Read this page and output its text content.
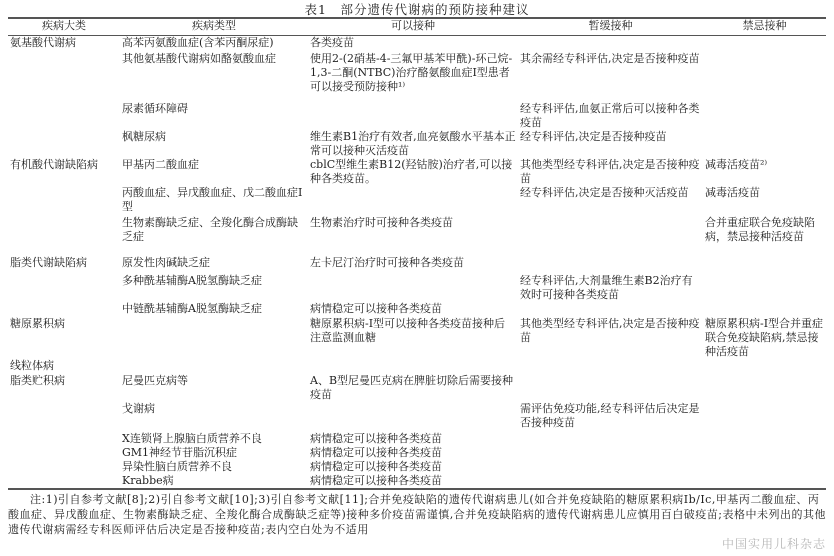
表1　部分遗传代谢病的预防接种建议
疾病大类	疾病类型	可以接种	暂缓接种	禁忌接种
氨基酸代谢病	高苯丙氨酸血症(含苯丙酮尿症)	各类疫苗		
	其他氨基酸代谢病如酪氨酸血症	使用2-(2硝基-4-三氟甲基苯甲酰)-环己烷-1,3-二酮(NTBC)治疗酪氨酸血症Ⅰ型患者可以接受预防接种¹⁾	其余需经专科评估,决定是否接种疫苗	
	尿素循环障碍		经专科评估,血氨正常后可以接种各类疫苗	
	枫糖尿病	维生素B1治疗有效者,血亮氨酸水平基本正常可以接种灭活疫苗	经专科评估,决定是否接种疫苗	
有机酸代谢缺陷病	甲基丙二酸血症	cblC型维生素B12(羟钴胺)治疗者,可以接种各类疫苗。	其他类型经专科评估,决定是否接种疫苗	减毒活疫苗²⁾
	丙酸血症、异戊酸血症、戊二酸血症Ⅰ型		经专科评估,决定是否接种灭活疫苗	减毒活疫苗
	生物素酶缺乏症、全羧化酶合成酶缺乏症	生物素治疗时可接种各类疫苗		合并重症联合免疫缺陷病，禁忌接种活疫苗
脂类代谢缺陷病	原发性肉碱缺乏症	左卡尼汀治疗时可接种各类疫苗		
	多种酰基辅酶A脱氢酶缺乏症		经专科评估,大剂量维生素B2治疗有效时可接种各类疫苗	
	中链酰基辅酶A脱氢酶缺乏症	病情稳定可以接种各类疫苗		
糖原累积病		糖原累积病-Ⅰ型可以接种各类疫苗接种后注意监测血糖	其他类型经专科评估,决定是否接种疫苗	糖原累积病-Ⅰ型合并重症联合免疫缺陷病,禁忌接种活疫苗
线粒体病				
脂类贮积病	尼曼匹克病等	A、B型尼曼匹克病在脾脏切除后需要接种疫苗		
	戈谢病		需评估免疫功能,经专科评估后决定是否接种疫苗	
	X连锁肾上腺脑白质营养不良	病情稳定可以接种各类疫苗		
	GM1神经节苷脂沉积症	病情稳定可以接种各类疫苗		
	异染性脑白质营养不良	病情稳定可以接种各类疫苗		
	Krabbe病	病情稳定可以接种各类疫苗		
注:1)引自参考文献[8];2)引自参考文献[10];3)引自参考文献[11];合并免疫缺陷的遗传代谢病患儿(如合并免疫缺陷的糖原累积病Ⅰb/Ⅰc,甲基丙二酸血症、丙酸血症、异戊酸血症、生物素酶缺乏症、全羧化酶合成酶缺乏症等)接种多价疫苗需谨慎,合并免疫缺陷病的遗传代谢病患儿应慎用百白破疫苗;表格中未列出的其他遗传代谢病需经专科医师评估后决定是否接种疫苗;表内空白处为不适用
中国实用儿科杂志
